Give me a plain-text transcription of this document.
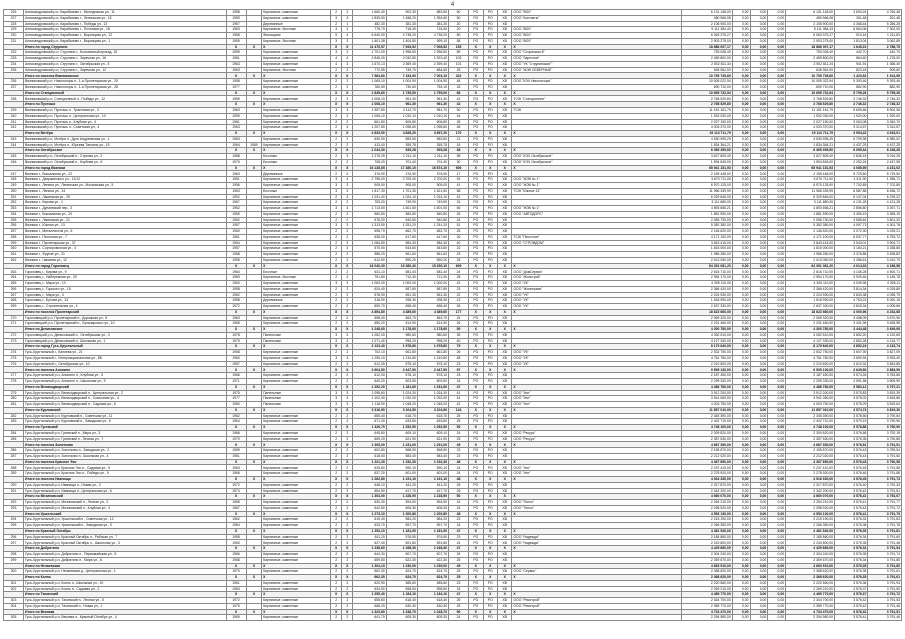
4
226	Александровский р-н, Карабаново г., Молодежная ул., 11	1958		Кирпичные, каменные	2	2	1 660,40	902,30	883,50	60	PO	PO	XB	ООО "ВОХ"	6 131 148,00	0,00	0,00	0,00	6 131 148,00	3 693,24	4 760,48
227	Александровский р-н, Карабаново г., Ленинская ул., 15	1959		Кирпичные, каменные	3	3	1 839,50	1 458,20	1 394,60	50	PO	PO	XB	ООО "Контакты"	480 966,08	0,00	0,00	0,00	480 966,08	261,48	261,48
228	Александровский р-н, Карабаново г., Победы ул., 13	1957		Деревянные	2	1	482,30	381,30	381,30	20	PO	PO	XB		2 106 900,00	0,00	0,00	0,00	2 106 900,00	4 368,44	5 256,28
229	Александровский р-н, Карабаново г., Почтовая ул., 18	1963		Кирпичные, блочные	3	2	778,70	718,30	718,30	20	PO	PO	XB	ООО "ВОХ"	5 111 384,43	0,00	0,00	0,00	5 111 384,43	6 564,06	7 302,00
230	Александровский р-н, Карабаново г., Воронцова ул., 12	1958		Жилищная	5	4	6 640,00	4 738,20	4 738,20	80	PO	PO	XB	ООО "ВОХ"	6 063 375,27	0,00	0,00	0,00	6 063 375,27	913,16	1 211,83
231	Александровский р-н, Карабаново г., Воронцова ул., 1	1959		Кирпичные, блочные	3	3	1 601,38	1 404,80	999,10	58	PO	PO	XB	ООО "ВОХ"	2 903 275,00	0,00	0,00	0,00	2 903 275,00	1 813,04	3 062,89
	Итого по город Струнино	X	X	X	X	X	11 479,57	7 093,52	7 008,52	153	X	X	X	X	18 886 007,17	0,00	0,00	0,00	18 886 007,17	1 645,22	2 786,75
232	Александровский р-н, Струнино г., Больничный проезд, 15	1959		Кирпичные, каменные	3	2	1 701,00	1 996,50	1 996,50	89	PO	PO	XB	ООО "Сторинком 8"	753 028,40	0,00	0,00	0,00	753 028,40	442,70	442,70
233	Александровский р-н, Струнино г., Заречная ул., 16	1961		Кирпичные, каменные	4	4	2 845,00	2 032,80	1 923,40	103	PO	PO	XB	ООО "Заречное"	2 459 800,00	0,00	0,00	0,00	2 459 800,00	864,60	1 276,00
234	Александровский р-н, Струнино г., Октябрьская ул., 5	1963		Кирпичные, каменные	4	3	1 670,13	2 369,40	2 399,40	101	PO	PO	XB	ООО "УК "Струнинская""	2 502 811,34	0,00	0,00	0,00	2 502 811,34	941,91	1 368,40
235	Александровский р-н, Струнино г., Заречная ул., 12	1963		Кирпичные, блочные	2	2	772,55	749,70	684,60	25	PO	PO	XB	ООО "ЖЭК СЕВЕРНЫЕ"	635 962,00	0,00	0,00	0,00	635 962,00	823,18	909,60
	Итого по поселок Вязниковское	X	X	X	X	X	7 584,80	7 153,90	7 003,10	322	X	X	X	X	10 755 735,60	0,00	0,00	0,00	10 755 735,60	1 423,52	1 913,55
236	Вязниковский р-н, Никологоры п., 1-я Пролетарская ул., 20	1958		Кирпичные, каменные	2	2	1 065,10	1 004,90	1 004,90	48	PO	PO	XB	ООО "КЭЧ Никологоры"	10 005 022,94	0,00	0,00	0,00	10 005 022,94	9 393,46	9 393,46
237	Вязниковский р-н, Никологоры п., 1-я Пролетарская ул., 28	1977		Кирпичные, каменные	2	2	780,50	730,60	754,10	18	PO	PO	XB		690 710,00	0,00	0,00	0,00	690 710,00	882,90	882,90
	Итого по Станционный	X	X	X	X	X	1 845,60	1 735,50	1 759,00	66	X	X	X	X	10 695 732,94	0,00	0,00	0,00	10 695 732,94	5 795,26	5 795,26
238	Вязниковский р-н, Станционный п., Победы ул., 12	1959		Кирпичные, каменные	2	2	1 008,10	961,30	961,30	42	PO	PO	XB	ТСЖ "Станционное"	2 768 529,80	0,00	0,00	0,00	2 768 529,80	2 746,32	2 746,32
	Итого по Пустоши	X	X	X	X	X	1 008,10	961,30	961,30	42	X	X	X	X	2 768 529,80	0,00	0,00	0,00	2 768 529,80	2 746,32	2 746,32
239	Вязниковский р-н, Пустошь п., Трактовая ул., 3	1963		Кирпичные, каменные	3	3	1 957,80	2 112,70	981,70	50	PO	PO	XB	ТСЖ	11 151 161,79	0,00	0,00	0,00	11 151 161,79	5 695,66	5 902,08
240	Вязниковский р-н, Пустошь п., Центральная ул., 10	1959		Кирпичные, каменные	2	2	1 006,10	1 010,10	1 010,10	44	PO	PO	XB		1 932 030,00	0,00	0,00	0,00	1 932 030,00	1 920,00	1 920,00
241	Вязниковский р-н, Пустошь п., Клубная ул., 4	1961		Кирпичные, каменные	2	2	661,80	606,80	606,80	28	PO	PO	XB		2 027 150,00	0,00	0,00	0,00	2 027 150,00	3 063,08	3 340,70
242	Вязниковский р-н, Пустошь п., Советская ул., 4	1963		Кирпичные, каменные	2	3	1 207,80	1 098,60	1 098,60	48	PO	PO	XB		4 003 370,00	0,00	0,00	0,00	4 003 370,00	3 314,57	3 314,57
	Итого по Мстёра	X	X	X	X	X	4 833,50	4 828,20	3 697,20	170	X	X	X	X	19 113 711,79	0,00	0,00	0,00	19 113 711,79	3 954,42	4 043,01
243	Вязниковский р-н, Мстёра п., Дуги Андреевская ул., 1	1963		Кирпичные, каменные	2	2	630,90	583,50	583,50	21	PO	PO	XB		4 530 995,29	0,00	0,00	0,00	4 530 995,29	6 799,98	6 980,02
244	Вязниковский р-н, Мстёра п., Юрьева Татьяны ул., 15	1964	1989	Кирпичные, каменные	2	2	413,40	355,78	355,78	15	PO	PO	XB		1 834 364,21	0,00	0,00	0,00	1 834 364,21	4 437,25	4 437,25
	Итого по Октябрьское	X	X	X	X	X	1 044,30	939,28	939,28	36	X	X	X	X	6 365 359,50	0,00	0,00	0,00	6 365 359,50	6 095,34	6 248,26
245	Вязниковский р-н, Октябрьский п., Стрелка ул., 2	1988		Блочные	2	3	1 278,25	1 211,10	1 211,10	58	PO	PO	XB	ООО "КЭЧ Октябрьское"	3 627 809,40	0,00	0,00	0,00	3 627 809,40	2 838,15	3 016,25
246	Вязниковский р-н, Октябрьский п., Клубная ул., 6	1976		Блочные	2	2	708,20	701,40	701,40	30	PO	PO	XB	ООО "КЭЧ Октябрьское"	1 594 845,00	0,00	0,00	0,00	1 594 845,00	2 252,24	2 447,98
	Итого по город Вязники	X	X	X	X	X	16 138,65	17 380,10	16 874,10	606	X	X	X	X	65 941 151,93	0,00	0,00	0,00	65 941 151,93	4 085,95	4 231,02
247	Вязники г., Вокзальная ул., 22	1963		Деревянные	2	2	376,90	376,90	376,90	17	PO	PO	XB		2 159 448,00	0,00	0,00	0,00	2 159 448,00	5 729,50	5 729,50
248	Вязники г., Дзержинского ул., 11/12	1951		Кирпичные, каменные	3	4	2 798,00	2 709,00	2 700,00	92	PO	PO	XB	ООО "ЖЭК № 1"	3 670 711,00	0,00	0,00	0,00	3 670 711,00	1 311,90	1 356,71
249	Вязники г., Ленина ул., Ленинская ул., Московская ул., 5	1956		Кирпичные, каменные	3	3	905,00	905,00	905,00	41	PO	PO	XB	ООО "ЖЭК № 1"	6 970 125,00	0,00	0,00	0,00	6 970 125,00	7 702,89	7 702,89
250	Вязники г., Ленина ул., 14	1953		Блочные	3	3	1 817,30	1 701,30	1 621,50	58	PO	PO	XB	ТСЖ "Южное 13"	11 966 339,99	0,00	0,00	0,00	11 966 339,99	6 587,88	6 636,72
251	Вязники г., Лакинская ул., 29	1952		Кирпичные, каменные	2	3	1 031,40	1 024,10	1 024,10	42	PO	PO	XB		6 329 846,00	0,00	0,00	0,00	6 329 846,00	6 137,04	6 239,22
252	Вязники г., Кирова ул., 1	1967		Кирпичные, каменные	2	2	753,20	749,90	749,90	31	PO	PO	XB		3 111 680,00	0,00	0,00	0,00	3 111 680,00	4 131,28	4 131,28
253	Вязники г., Дунаевский пер., 3	1952		Кирпичные, каменные	3	3	1 713,00	1 601,50	1 601,00	66	PO	PO	XB	ООО "ЖЭК № 1"	4 893 666,21	0,00	0,00	0,00	4 893 666,21	2 856,80	3 267,71
254	Вязники г., Вокзальная ул., 20	1959		Кирпичные, каменные	2	2	560,80	560,80	560,80	26	PO	PO	XB	ООО "АВТОДОРС"	1 881 590,00	0,00	0,00	0,00	1 881 590,00	3 355,19	3 355,19
255	Вязники г., Лакинская ул., 21	1962		Кирпичные, каменные	2	2	578,00	540,80	540,80	24	PO	PO	XB		2 055 730,00	0,00	0,00	0,00	2 055 730,00	3 556,62	3 801,20
256	Вязники г., Южная ул., 13	1957		Кирпичные, каменные	3	3	1 313,50	1 251,20	1 251,20	51	PO	PO	XB		5 382 380,00	0,00	0,00	0,00	5 382 380,00	4 097,73	4 301,78
257	Вязники г., Металлистов ул., 6	1960		Кирпичные, каменные	2	2	698,70	662,70	662,70	25	PO	PO	XB		2 146 620,00	0,00	0,00	0,00	2 146 620,00	3 072,30	3 239,21
258	Вязники г., Песочная ул., 7	1961		Кирпичные, каменные	2	2	638,00	617,60	617,60	26	PO	PO	XB	ТСЖ "Песочное"	4 171 100,00	0,00	0,00	0,00	4 171 100,00	6 537,77	6 753,72
259	Вязники г., Пролетарская ул., 37	1954		Кирпичные, каменные	2	3	1 084,80	984,30	984,30	40	PO	PO	XB	ООО "СТРОЙДОМ"	3 843 415,00	0,00	0,00	0,00	3 843 415,00	3 543,01	3 904,71
260	Вязники г., Сортировочная ул., 4	1957		Кирпичные, каменные	2	2	570,00	543,60	543,60	22	PO	PO	XB		1 815 000,00	0,00	0,00	0,00	1 815 000,00	3 184,21	3 338,85
261	Вязники г., Фрунзе ул., 21	1958		Кирпичные, каменные	2	2	588,20	561,60	561,60	23	PO	PO	XB		1 986 280,00	0,00	0,00	0,00	1 986 280,00	3 376,88	3 536,83
262	Вязники г., Чапаева ул., 12	1955		Кирпичные, каменные	2	2	612,50	590,20	590,20	25	PO	PO	XB		2 013 050,00	0,00	0,00	0,00	2 013 050,00	3 286,61	3 410,79
	Итого по город Гороховец	X	X	X	X	X	16 040,30	15 380,40	15 290,10	609	X	X	X	X	64 391 081,20	0,00	0,00	0,00	64 391 081,20	4 014,33	4 186,58
263	Гороховец г., Кирова ул., 9	1964		Блочные	2	2	631,10	581,40	581,40	24	PO	PO	XB	ООО "ДомСервис"	2 616 710,00	0,00	0,00	0,00	2 616 710,00	4 146,28	4 500,71
264	Гороховец г., Набережная ул., 20	1969		Кирпичные, блочные	2	2	751,80	712,40	712,40	28	PO	PO	XB	ООО "Жилстрой"	2 954 170,00	0,00	0,00	0,00	2 954 170,00	3 929,46	4 146,78
265	Гороховец г., Мира ул., 10	1960		Кирпичные, каменные	3	3	1 063,00	1 000,00	1 000,00	42	PO	PO	XB	ООО "УК"	4 305 110,00	0,00	0,00	0,00	4 305 110,00	4 049,96	4 305,11
266	Гороховец г., Горького ул., 15	1958		Кирпичные, каменные	2	2	620,40	587,80	587,80	23	PO	PO	XB	ООО "Жилсервис"	2 366 420,00	0,00	0,00	0,00	2 366 420,00	3 814,34	4 025,89
267	Гороховец г., Мира ул., 4	1962		Кирпичные, каменные	2	2	578,90	551,30	551,30	22	PO	PO	XB	ООО "УК"	2 224 930,00	0,00	0,00	0,00	2 224 930,00	3 843,38	4 035,79
268	Гороховец г., Бутова ул., 13	1958		Деревянные	2	2	318,90	298,30	298,30	12	PO	PO	XB	ООО "УК"	1 518 990,00	0,00	0,00	0,00	1 518 990,00	4 763,22	5 092,15
269	Гороховец г., Строительная ул., 4	1972		Кирпичные, каменные	2	2	690,70	658,40	658,40	26	PO	PO	XB	ООО "УК"	2 637 330,00	0,00	0,00	0,00	2 637 330,00	3 818,34	4 005,66
	Итого по поселок Пролетарский	X	X	X	X	X	4 654,80	4 389,60	4 389,60	177	X	X	X	X	18 623 660,00	0,00	0,00	0,00	18 623 660,00	4 000,96	4 242,68
270	Гороховецкий р-н, Пролетарский п., Дорожная ул., 5	1963		Кирпичные, каменные	2	2	598,40	563,70	563,70	24	PO	PO	XB		2 069 320,00	0,00	0,00	0,00	2 069 320,00	3 458,09	3 670,96
271	Гороховецкий р-н, Пролетарский п., Луначарского ул., 10	1965		Кирпичные, каменные	2	2	650,20	614,90	614,90	26	PO	PO	XB		2 231 460,00	0,00	0,00	0,00	2 231 460,00	3 431,96	3 628,98
	Итого по Денисовское	X	X	X	X	X	1 248,60	1 178,60	1 178,60	50	X	X	X	X	4 300 780,00	0,00	0,00	0,00	4 300 780,00	3 444,48	3 649,06
272	Гороховецкий р-н, Денисовский п., Октябрьская ул., 3	1978		Панельные	3	3	1 052,00	980,60	980,60	39	PO	PO	XB		4 052 510,00	0,00	0,00	0,00	4 052 510,00	3 852,20	4 132,69
273	Гороховецкий р-н, Денисовский п., Школьная ул., 1	1979		Панельные	3	3	1 071,40	998,20	998,20	40	PO	PO	XB		4 127 330,00	0,00	0,00	0,00	4 127 330,00	3 852,28	4 134,77
	Итого по город Гусь-Хрустальный	X	X	X	X	X	2 123,40	1 978,80	1 978,80	79	X	X	X	X	8 179 840,00	0,00	0,00	0,00	8 179 840,00	3 852,24	4 133,74
274	Гусь-Хрустальный г., Каляева ул., 21	1958		Кирпичные, каменные	2	2	702,10	661,80	661,80	26	PO	PO	XB	ООО "УК"	2 532 750,00	0,00	0,00	0,00	2 532 750,00	3 607,39	3 827,09
275	Гусь-Хрустальный г., Интернациональная ул., 88	1960		Кирпичные, каменные	3	3	1 290,10	1 210,60	1 210,60	48	PO	PO	XB	ООО "УК"	4 761 780,00	0,00	0,00	0,00	4 761 780,00	3 690,94	3 933,40
276	Гусь-Хрустальный г., Октябрьская ул., 10	1957		Кирпичные, каменные	2	2	612,30	575,10	575,10	23	PO	PO	XB	ООО "УК"	2 210 600,00	0,00	0,00	0,00	2 210 600,00	3 610,32	3 843,85
	Итого по поселок Анопино	X	X	X	X	X	2 604,50	2 447,50	2 447,50	97	X	X	X	X	9 505 130,00	0,00	0,00	0,00	9 505 130,00	3 649,50	3 883,59
277	Гусь-Хрустальный р-н, Анопино п., Клубная ул., 5	1966		Кирпичные, каменные	2	2	612,00	578,10	578,10	23	PO	PO	XB		2 187 450,00	0,00	0,00	0,00	2 187 450,00	3 574,26	3 783,86
278	Гусь-Хрустальный р-н, Анопино п., Школьная ул., 9	1971		Кирпичные, каменные	2	2	640,20	603,50	603,50	24	PO	PO	XB		2 299 330,00	0,00	0,00	0,00	2 299 330,00	3 591,58	3 809,99
	Итого по Великодворский	X	X	X	X	X	1 252,20	1 181,60	1 181,60	47	X	X	X	X	4 486 780,00	0,00	0,00	0,00	4 486 780,00	3 583,12	3 797,21
279	Гусь-Хрустальный р-н, Великодворский п., Центральная ул., 2	1975		Панельные	3	3	1 095,60	1 024,30	1 024,30	41	PO	PO	XB	ООО "Уют"	3 912 200,00	0,00	0,00	0,00	3 912 200,00	3 570,83	3 819,39
280	Гусь-Хрустальный р-н, Великодворский п., Совхозная ул., 4	1977		Панельные	3	3	1 102,40	1 032,00	1 032,00	41	PO	PO	XB	ООО "Уют"	3 941 060,00	0,00	0,00	0,00	3 941 060,00	3 575,02	3 818,86
281	Гусь-Хрустальный р-н, Великодворский п., Садовая ул., 8	1980		Панельные	3	3	1 118,90	1 048,20	1 048,20	42	PO	PO	XB	ООО "Уют"	4 003 750,00	0,00	0,00	0,00	4 003 750,00	3 578,29	3 819,64
	Итого по Курловский	X	X	X	X	X	3 316,90	3 104,50	3 104,50	124	X	X	X	X	11 857 010,00	0,00	0,00	0,00	11 857 010,00	3 574,73	3 819,30
282	Гусь-Хрустальный р-н, Курловский п., Советская ул., 11	1962		Кирпичные, каменные	2	2	655,40	618,70	618,70	25	PO	PO	XB		2 345 390,00	0,00	0,00	0,00	2 345 390,00	3 578,56	3 790,84
283	Гусь-Хрустальный р-н, Курловский п., Заводская ул., 6	1964		Кирпичные, каменные	2	2	671,30	633,80	633,80	25	PO	PO	XB		2 402 710,00	0,00	0,00	0,00	2 402 710,00	3 579,19	3 790,96
	Итого по Гусевский	X	X	X	X	X	1 326,70	1 252,50	1 252,50	50	X	X	X	X	4 748 100,00	0,00	0,00	0,00	4 748 100,00	3 578,88	3 790,90
284	Гусь-Хрустальный р-н, Гусевский п., Мира ул., 3	1968		Кирпичные, каменные	2	2	645,80	609,10	609,10	24	PO	PO	XB	ООО "Ресурс"	2 309 820,00	0,00	0,00	0,00	2 309 820,00	3 576,68	3 792,19
285	Гусь-Хрустальный р-н, Гусевский п., Лесная ул., 7	1970		Кирпичные, каменные	2	2	659,20	621,90	621,90	25	PO	PO	XB	ООО "Ресурс"	2 357 530,00	0,00	0,00	0,00	2 357 530,00	3 576,35	3 790,85
	Итого по поселок Золотково	X	X	X	X	X	1 305,00	1 231,00	1 231,00	49	X	X	X	X	4 667 350,00	0,00	0,00	0,00	4 667 350,00	3 576,51	3 791,51
286	Гусь-Хрустальный р-н, Золотково п., Заводская ул., 2	1959		Кирпичные, каменные	2	2	602,80	568,90	568,90	23	PO	PO	XB		2 155 870,00	0,00	0,00	0,00	2 155 870,00	3 576,43	3 789,54
287	Гусь-Хрустальный р-н, Золотково п., Школьная ул., 4	1961		Кирпичные, каменные	2	2	618,50	583,40	583,40	23	PO	PO	XB		2 212 020,00	0,00	0,00	0,00	2 212 020,00	3 576,43	3 791,60
	Итого по поселок Красное Эхо	X	X	X	X	X	1 221,30	1 152,30	1 152,30	46	X	X	X	X	4 367 890,00	0,00	0,00	0,00	4 367 890,00	3 576,43	3 790,58
288	Гусь-Хрустальный р-н, Красное Эхо п., Садовая ул., 5	1963		Кирпичные, каменные	2	2	625,60	590,10	590,10	24	PO	PO	XB	ООО "Уют"	2 237 410,00	0,00	0,00	0,00	2 237 410,00	3 576,45	3 791,58
289	Гусь-Хрустальный р-н, Красное Эхо п., Победы ул., 9	1966		Кирпичные, каменные	2	2	637,20	601,00	601,00	24	PO	PO	XB	ООО "Уют"	2 278 920,00	0,00	0,00	0,00	2 278 920,00	3 576,46	3 791,88
	Итого по поселок Иванищи	X	X	X	X	X	1 262,80	1 191,10	1 191,10	48	X	X	X	X	4 516 330,00	0,00	0,00	0,00	4 516 330,00	3 576,45	3 791,73
290	Гусь-Хрустальный р-н, Иванищи п., Новая ул., 3	1972		Кирпичные, каменные	2	2	648,10	611,20	611,20	25	PO	PO	XB		2 317 870,00	0,00	0,00	0,00	2 317 870,00	3 576,40	3 792,33
291	Гусь-Хрустальный р-н, Иванищи п., Центральная ул., 6	1974		Кирпичные, каменные	2	2	654,90	617,70	617,70	25	PO	PO	XB		2 342 200,00	0,00	0,00	0,00	2 342 200,00	3 576,42	3 791,81
	Итого по Мезиновский	X	X	X	X	X	1 303,00	1 228,90	1 228,90	50	X	X	X	X	4 660 070,00	0,00	0,00	0,00	4 660 070,00	3 576,41	3 792,07
292	Гусь-Хрустальный р-н, Мезиновский п., Лесная ул., 2	1965		Кирпичные, каменные	2	2	630,30	594,50	594,50	24	PO	PO	XB	ООО "Тепло"	2 254 210,00	0,00	0,00	0,00	2 254 210,00	3 576,41	3 791,77
293	Гусь-Хрустальный р-н, Мезиновский п., Клубная ул., 4	1967		Кирпичные, каменные	2	2	642,80	606,30	606,30	24	PO	PO	XB	ООО "Тепло"	2 298 920,00	0,00	0,00	0,00	2 298 920,00	3 576,42	3 791,72
	Итого по Уршельский	X	X	X	X	X	1 273,10	1 200,80	1 200,80	48	X	X	X	X	4 553 130,00	0,00	0,00	0,00	4 553 130,00	3 576,41	3 791,75
294	Гусь-Хрустальный р-н, Уршельский п., Советская ул., 12	1962		Кирпичные, каменные	2	2	619,40	584,20	584,20	23	PO	PO	XB		2 215 190,00	0,00	0,00	0,00	2 215 190,00	3 576,32	3 791,83
295	Гусь-Хрустальный р-н, Уршельский п., Заводская ул., 9	1964		Кирпичные, каменные	2	2	633,70	597,70	597,70	24	PO	PO	XB		2 266 350,00	0,00	0,00	0,00	2 266 350,00	3 576,38	3 791,78
	Итого по Красный Октябрь	X	X	X	X	X	1 253,10	1 181,90	1 181,90	47	X	X	X	X	4 481 540,00	0,00	0,00	0,00	4 481 540,00	3 576,35	3 791,81
296	Гусь-Хрустальный р-н, Красный Октябрь п., Рабочая ул., 7	1958		Кирпичные, каменные	2	2	611,20	576,50	576,50	23	PO	PO	XB	ООО "Надежда"	2 185 860,00	0,00	0,00	0,00	2 185 860,00	3 576,34	3 791,60
297	Гусь-Хрустальный р-н, Красный Октябрь п., Школьная ул., 3	1960		Кирпичные, каменные	2	2	627,40	591,80	591,80	24	PO	PO	XB	ООО "Надежда"	2 243 800,00	0,00	0,00	0,00	2 243 800,00	3 576,35	3 791,48
	Итого по Добрятино	X	X	X	X	X	1 238,60	1 168,30	1 168,30	47	X	X	X	X	4 429 660,00	0,00	0,00	0,00	4 429 660,00	3 576,34	3 791,54
298	Гусь-Хрустальный р-н, Добрятино п., Первомайская ул., 5	1966		Кирпичные, каменные	2	2	644,30	607,70	607,70	24	PO	PO	XB		2 304 240,00	0,00	0,00	0,00	2 304 240,00	3 576,35	3 791,74
299	Гусь-Хрустальный р-н, Добрятино п., Мира ул., 8	1968		Кирпичные, каменные	2	2	659,80	622,30	622,30	25	PO	PO	XB		2 359 670,00	0,00	0,00	0,00	2 359 670,00	3 576,34	3 791,85
	Итого по Нечаевская	X	X	X	X	X	1 304,10	1 230,00	1 230,00	49	X	X	X	X	4 663 910,00	0,00	0,00	0,00	4 663 910,00	3 576,35	3 791,80
300	Гусь-Хрустальный р-н, Нечаевская д., Центральная ул., 1	1970		Кирпичные, каменные	2	2	662,30	624,70	624,70	25	PO	PO	XB	ООО "Сервис"	2 368 620,00	0,00	0,00	0,00	2 368 620,00	3 576,35	3 791,61
	Итого по Колпь	X	X	X	X	X	662,30	624,70	624,70	25	X	X	X	X	2 368 620,00	0,00	0,00	0,00	2 368 620,00	3 576,35	3 791,61
301	Гусь-Хрустальный р-н, Колпь п., Школьная ул., 10	1961		Кирпичные, каменные	2	2	620,90	585,60	585,60	23	PO	PO	XB		2 220 560,00	0,00	0,00	0,00	2 220 560,00	3 576,36	3 791,94
302	Гусь-Хрустальный р-н, Колпь п., Садовая ул., 2	1963		Кирпичные, каменные	2	2	634,50	598,50	598,50	24	PO	PO	XB		2 269 210,00	0,00	0,00	0,00	2 269 210,00	3 576,37	3 791,50
	Итого по Тасинский	X	X	X	X	X	1 255,40	1 184,10	1 184,10	47	X	X	X	X	4 489 770,00	0,00	0,00	0,00	4 489 770,00	3 576,37	3 791,72
303	Гусь-Хрустальный р-н, Тасинский п., Лесная ул., 5	1972		Кирпичные, каменные	2	2	655,60	618,40	618,40	25	PO	PO	XB	ООО "Ремстрой"	2 344 700,00	0,00	0,00	0,00	2 344 700,00	3 576,42	3 791,53
304	Гусь-Хрустальный р-н, Тасинский п., Новая ул., 1	1975		Кирпичные, каменные	2	2	668,20	630,30	630,30	25	PO	PO	XB	ООО "Ремстрой"	2 389 770,00	0,00	0,00	0,00	2 389 770,00	3 576,42	3 791,48
	Итого по Вековка	X	X	X	X	X	1 323,80	1 248,70	1 248,70	50	X	X	X	X	4 734 470,00	0,00	0,00	0,00	4 734 470,00	3 576,42	3 791,51
305	Гусь-Хрустальный р-н, Вековка п., Красный Октябрь ул., 4	1969		Кирпичные, каменные	2	2	641,70	605,30	605,30	24	PO	PO	XB		2 294 980,00	0,00	0,00	0,00	2 294 980,00	3 576,41	3 791,46
